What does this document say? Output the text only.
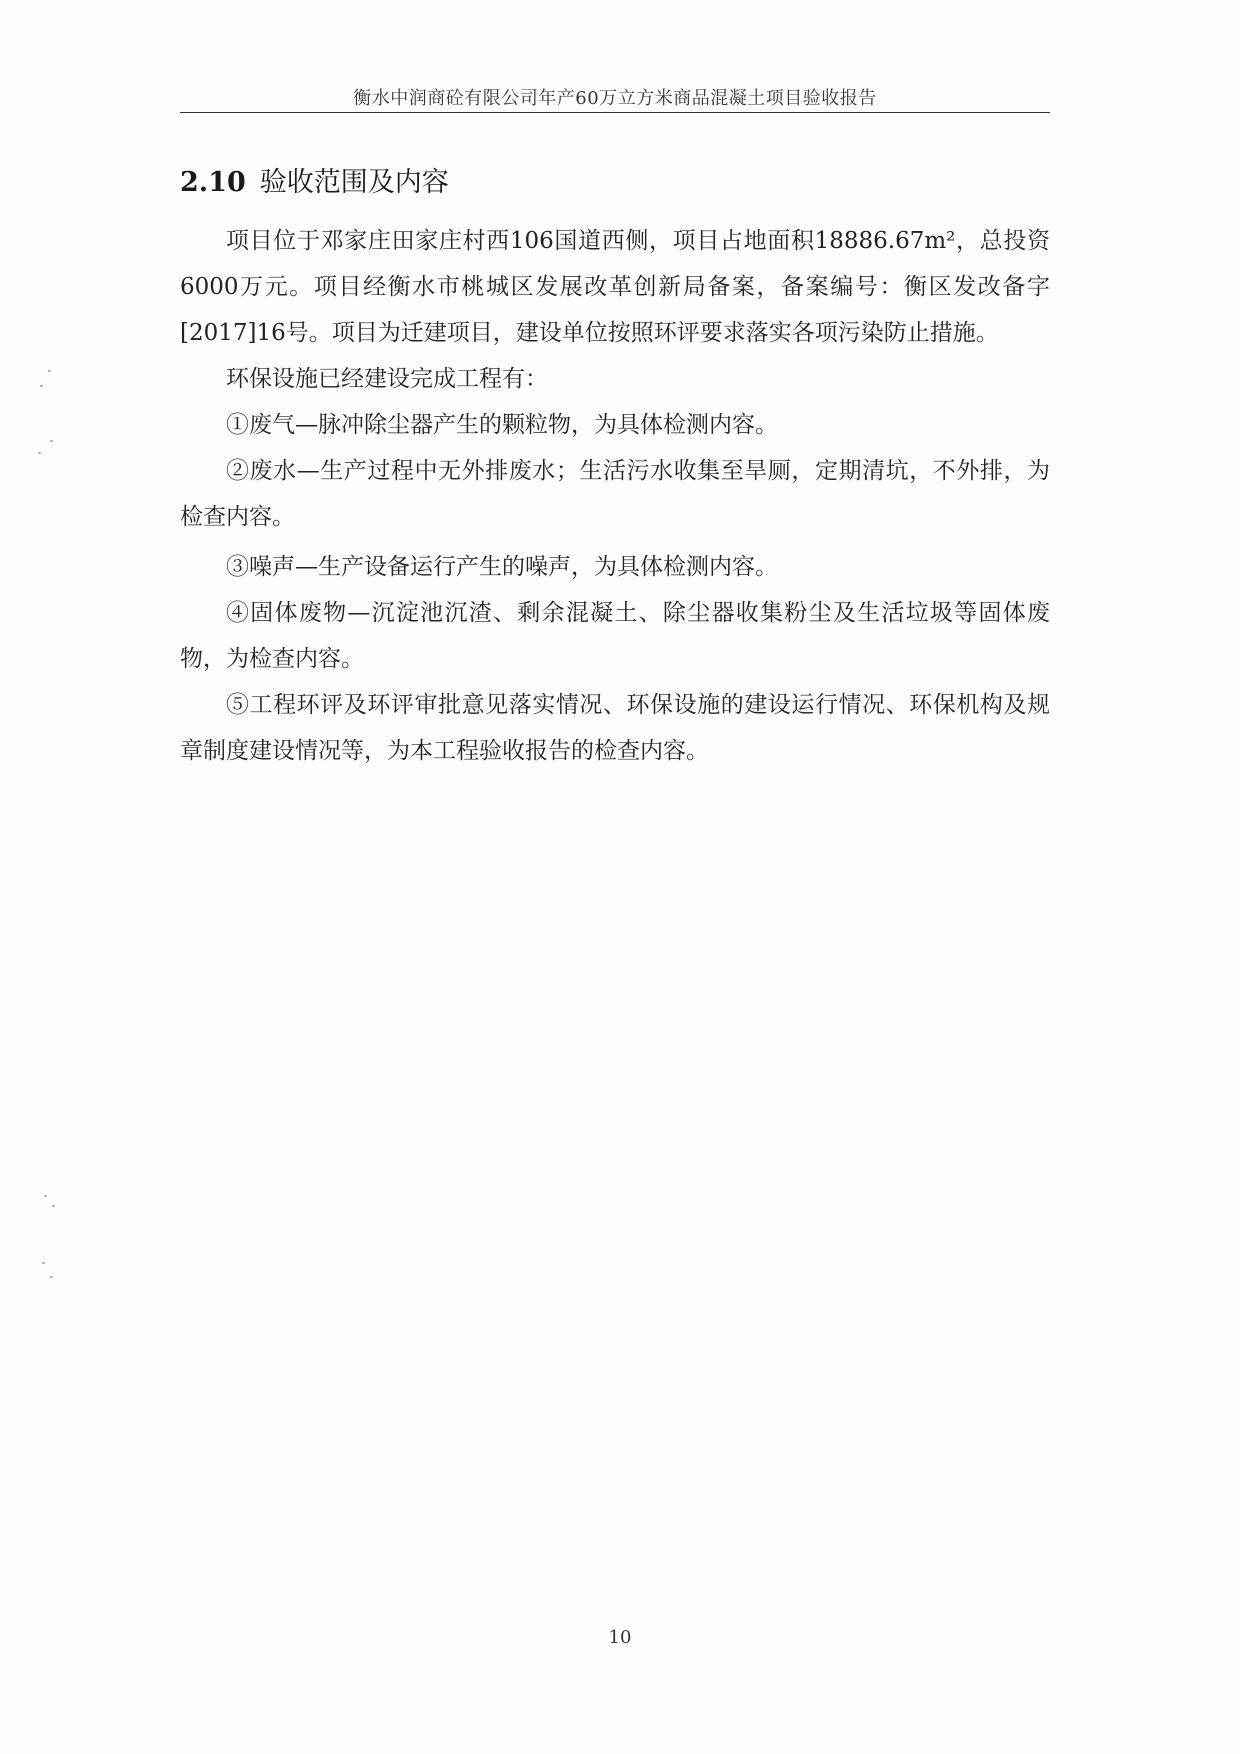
衡水中润商砼有限公司年产60万立方米商品混凝土项目验收报告
2.10 验收范围及内容

项目位于邓家庄田家庄村西106国道西侧，项目占地面积18886.67m²，总投资6000万元。项目经衡水市桃城区发展改革创新局备案，备案编号：衡区发改备字[2017]16号。项目为迁建项目，建设单位按照环评要求落实各项污染防止措施。

环保设施已经建设完成工程有：

①废气—脉冲除尘器产生的颗粒物，为具体检测内容。

②废水—生产过程中无外排废水；生活污水收集至旱厕，定期清坑，不外排，为检查内容。

③噪声—生产设备运行产生的噪声，为具体检测内容。

④固体废物—沉淀池沉渣、剩余混凝土、除尘器收集粉尘及生活垃圾等固体废物，为检查内容。

⑤工程环评及环评审批意见落实情况、环保设施的建设运行情况、环保机构及规章制度建设情况等，为本工程验收报告的检查内容。

10
